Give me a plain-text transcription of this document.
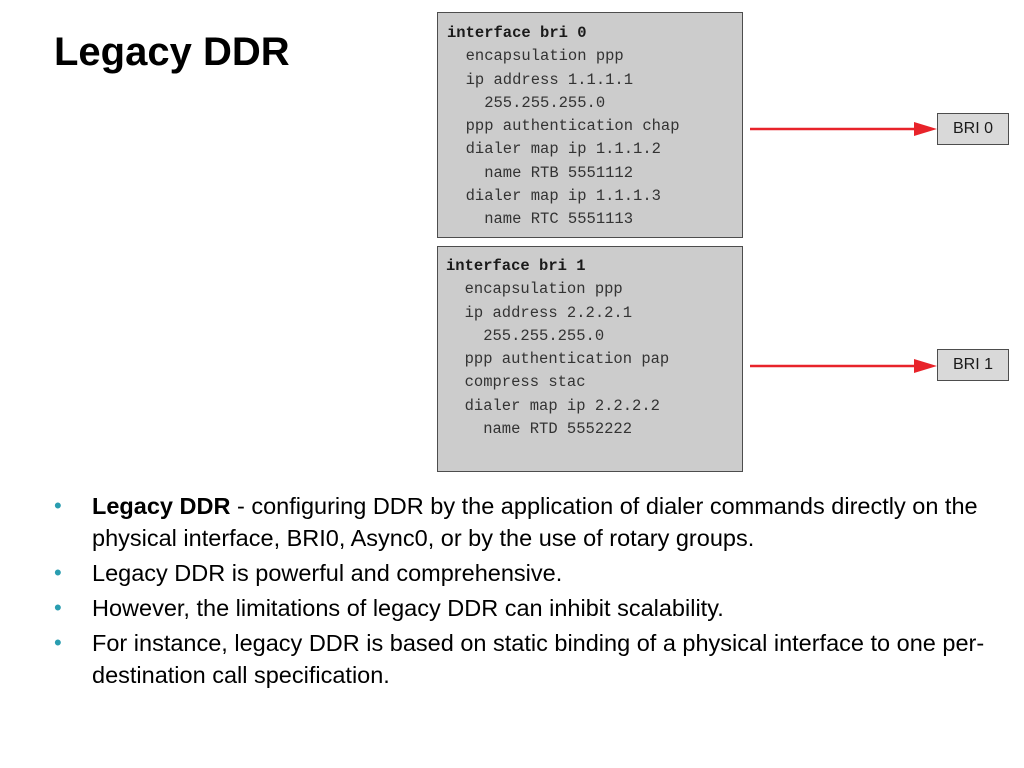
Legacy DDR	interface bri 0
encapsulation ppp
ip address 1.1.1.1
255.255.255.0
ppp authentication chap
dialer map ip 1.1.1.2
name RTB 5551112
dialer map ip 1.1.1.3
name RTC 5551113
interface bri 1
encapsulation ppp
ip address 2.2.2.1
255.255.255.0
ppp authentication pap
compress stac
dialer map ip 2.2.2.2
name RTD 5552222
BRI 0
BRI 1
• Legacy DDR - configuring DDR by the application of dialer commands directly on the physical interface, BRI0, Async0, or by the use of rotary groups.
• Legacy DDR is powerful and comprehensive.
• However, the limitations of legacy DDR can inhibit scalability.
• For instance, legacy DDR is based on static binding of a physical interface to one per-destination call specification.
